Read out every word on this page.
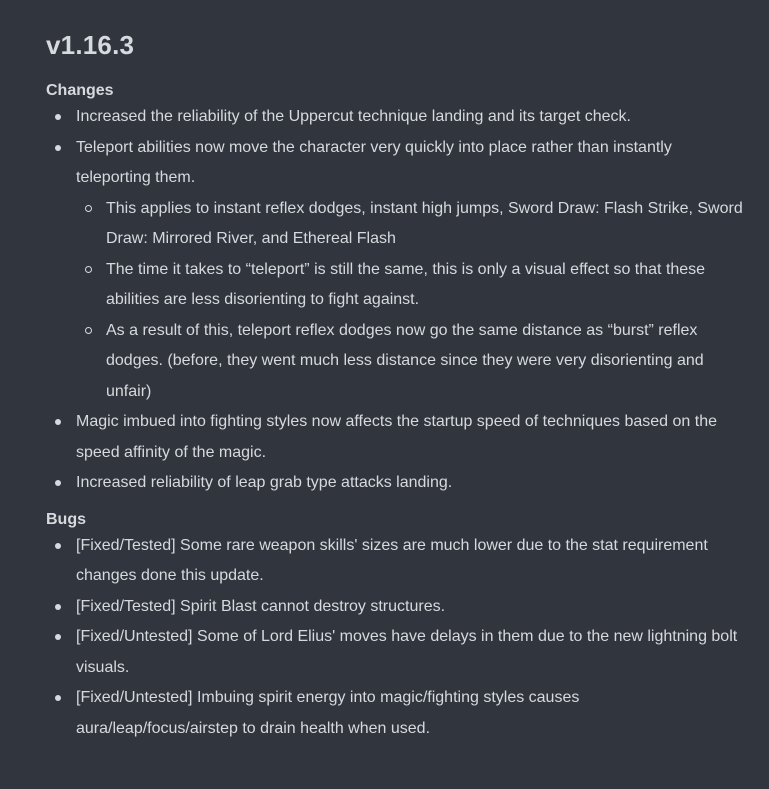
v1.16.3
Changes
Increased the reliability of the Uppercut technique landing and its target check.
Teleport abilities now move the character very quickly into place rather than instantly teleporting them.
This applies to instant reflex dodges, instant high jumps, Sword Draw: Flash Strike, Sword Draw: Mirrored River, and Ethereal Flash
The time it takes to “teleport” is still the same, this is only a visual effect so that these abilities are less disorienting to fight against.
As a result of this, teleport reflex dodges now go the same distance as “burst” reflex dodges. (before, they went much less distance since they were very disorienting and unfair)
Magic imbued into fighting styles now affects the startup speed of techniques based on the speed affinity of the magic.
Increased reliability of leap grab type attacks landing.
Bugs
[Fixed/Tested] Some rare weapon skills' sizes are much lower due to the stat requirement changes done this update.
[Fixed/Tested] Spirit Blast cannot destroy structures.
[Fixed/Untested] Some of Lord Elius' moves have delays in them due to the new lightning bolt visuals.
[Fixed/Untested] Imbuing spirit energy into magic/fighting styles causes aura/leap/focus/airstep to drain health when used.
